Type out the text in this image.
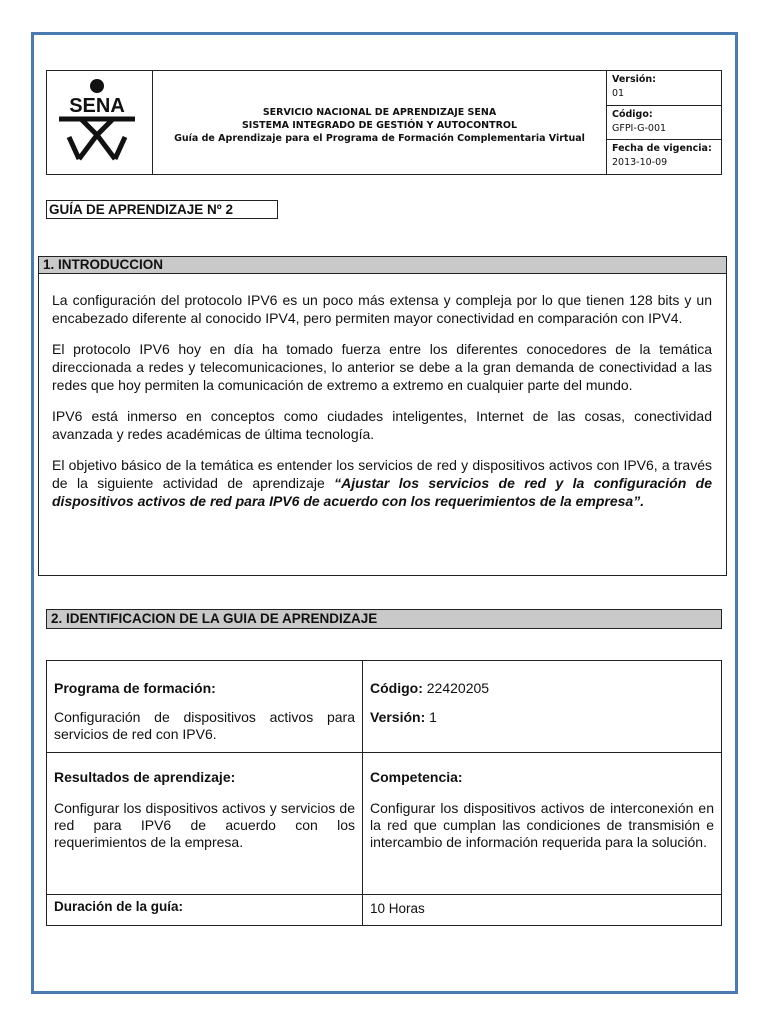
SENA	SERVICIO NACIONAL DE APRENDIZAJE SENA
SISTEMA INTEGRADO DE GESTIÓN Y AUTOCONTROL
Guía de Aprendizaje para el Programa de Formación Complementaria Virtual
Versión:
01
Código:
GFPI-G-001
Fecha de vigencia:
2013-10-09
GUÍA DE APRENDIZAJE Nº 2
1. INTRODUCCION

La configuración del protocolo IPV6 es un poco más extensa y compleja por lo que tienen 128 bits y un encabezado diferente al conocido IPV4, pero permiten mayor conectividad en comparación con IPV4.

El protocolo IPV6 hoy en día ha tomado fuerza entre los diferentes conocedores de la temática direccionada a redes y telecomunicaciones, lo anterior se debe a la gran demanda de conectividad a las redes que hoy permiten la comunicación de extremo a extremo en cualquier parte del mundo.

IPV6 está inmerso en conceptos como ciudades inteligentes, Internet de las cosas, conectividad avanzada y redes académicas de última tecnología.

El objetivo básico de la temática es entender los servicios de red y dispositivos activos con IPV6, a través de la siguiente actividad de aprendizaje “Ajustar los servicios de red y la configuración de dispositivos activos de red para IPV6 de acuerdo con los requerimientos de la empresa”.

2. IDENTIFICACION DE LA GUIA DE APRENDIZAJE
Programa de formación:
Configuración de dispositivos activos para servicios de red con IPV6.
Código: 22420205
Versión: 1
Resultados de aprendizaje:
Configurar los dispositivos activos y servicios de red para IPV6 de acuerdo con los requerimientos de la empresa.
Competencia:
Configurar los dispositivos activos de interconexión en la red que cumplan las condiciones de transmisión e intercambio de información requerida para la solución.
Duración de la guía:	10 Horas
